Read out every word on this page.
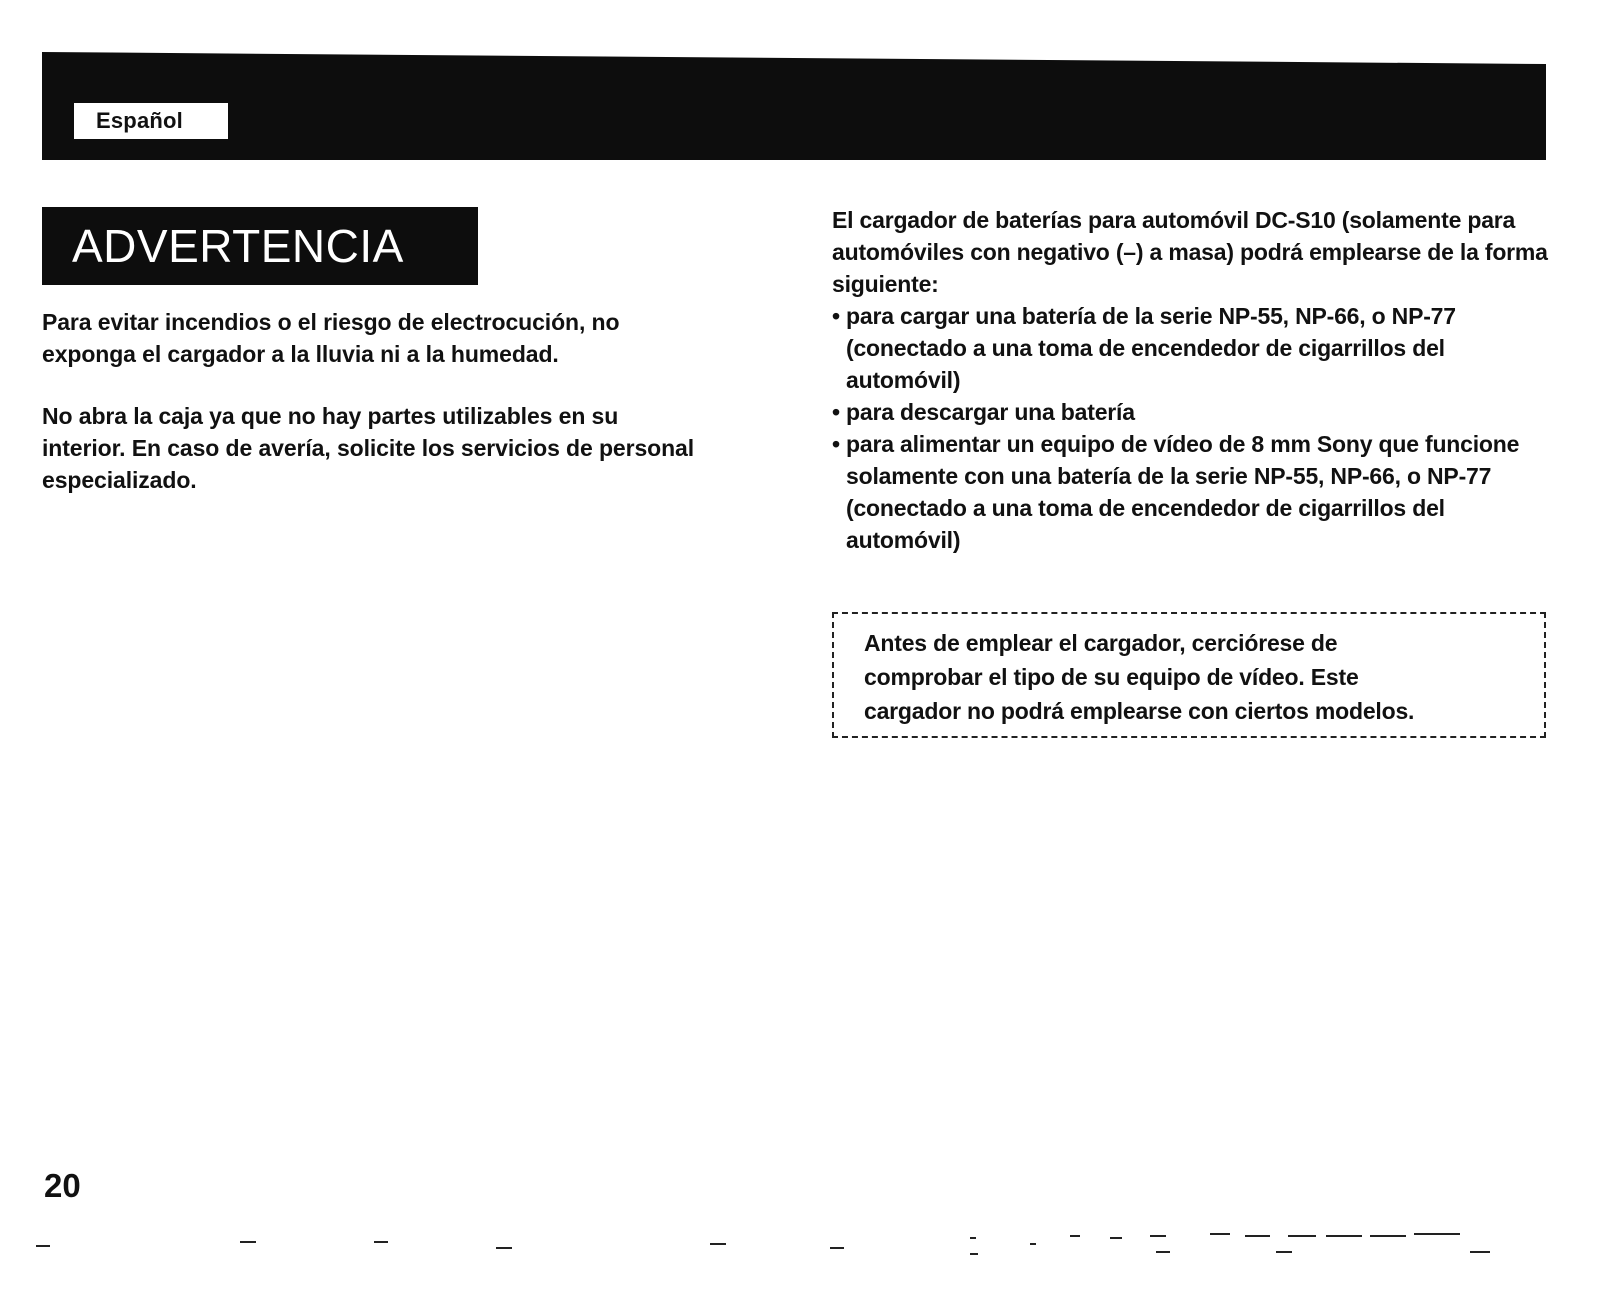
Español
ADVERTENCIA

Para evitar incendios o el riesgo de electrocución, no exponga el cargador a la lluvia ni a la humedad.

No abra la caja ya que no hay partes utilizables en su interior. En caso de avería, solicite los servicios de personal especializado.

El cargador de baterías para automóvil DC-S10 (solamente para automóviles con negativo (–) a masa) podrá emplearse de la forma siguiente:

• para cargar una batería de la serie NP-55, NP-66, o NP-77 (conectado a una toma de encendedor de cigarrillos del automóvil)
• para descargar una batería
• para alimentar un equipo de vídeo de 8 mm Sony que funcione solamente con una batería de la serie NP-55, NP-66, o NP-77 (conectado a una toma de encendedor de cigarrillos del automóvil)
Antes de emplear el cargador, cerciórese de
comprobar el tipo de su equipo de vídeo. Este
cargador no podrá emplearse con ciertos modelos.
20
